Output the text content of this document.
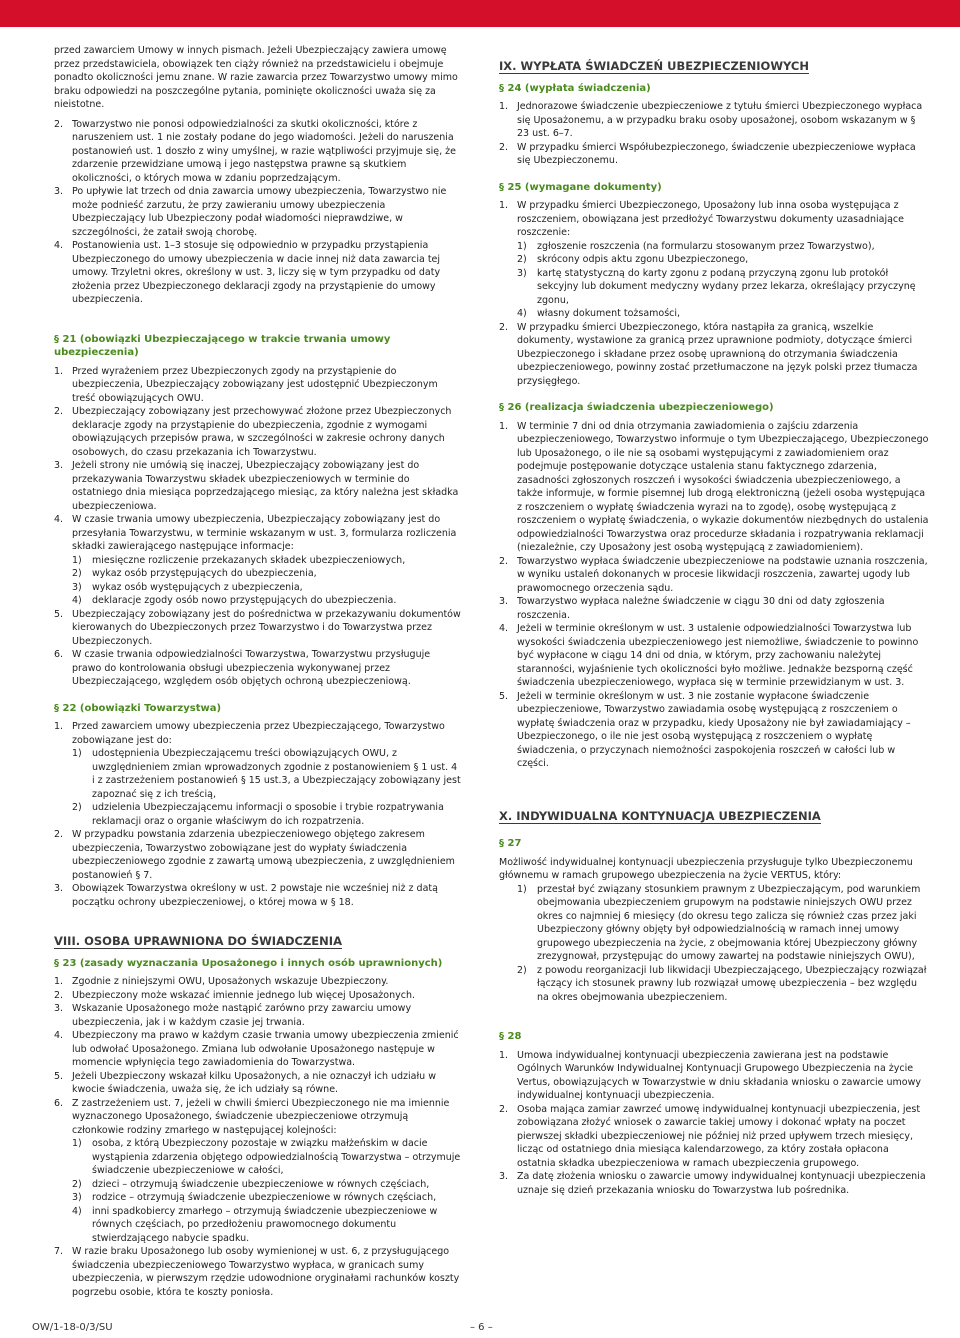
przed zawarciem Umowy w innych pismach. Jeżeli Ubezpieczający zawiera umowę przez przedstawiciela, obowiązek ten ciąży również na przedstawicielu i obejmuje ponadto okoliczności jemu znane. W razie zawarcia przez Towarzystwo umowy mimo braku odpowiedzi na poszczególne pytania, pominięte okoliczności uważa się za nieistotne.

2. Towarzystwo nie ponosi odpowiedzialności za skutki okoliczności, które z naruszeniem ust. 1 nie zostały podane do jego wiadomości. Jeżeli do naruszenia postanowień ust. 1 doszło z winy umyślnej, w razie wątpliwości przyjmuje się, że zdarzenie przewidziane umową i jego następstwa prawne są skutkiem okoliczności, o których mowa w zdaniu poprzedzającym.
3. Po upływie lat trzech od dnia zawarcia umowy ubezpieczenia, Towarzystwo nie może podnieść zarzutu, że przy zawieraniu umowy ubezpieczenia Ubezpieczający lub Ubezpieczony podał wiadomości nieprawdziwe, w szczególności, że zataił swoją chorobę.
4. Postanowienia ust. 1–3 stosuje się odpowiednio w przypadku przystąpienia Ubezpieczonego do umowy ubezpieczenia w dacie innej niż data zawarcia tej umowy. Trzyletni okres, określony w ust. 3, liczy się w tym przypadku od daty złożenia przez Ubezpieczonego deklaracji zgody na przystąpienie do umowy ubezpieczenia.

§ 21 (obowiązki Ubezpieczającego w trakcie trwania umowy ubezpieczenia)

1. Przed wyrażeniem przez Ubezpieczonych zgody na przystąpienie do ubezpieczenia, Ubezpieczający zobowiązany jest udostępnić Ubezpieczonym treść obowiązujących OWU.
2. Ubezpieczający zobowiązany jest przechowywać złożone przez Ubezpieczonych deklaracje zgody na przystąpienie do ubezpieczenia, zgodnie z wymogami obowiązujących przepisów prawa, w szczególności w zakresie ochrony danych osobowych, do czasu przekazania ich Towarzystwu.
3. Jeżeli strony nie umówią się inaczej, Ubezpieczający zobowiązany jest do przekazywania Towarzystwu składek ubezpieczeniowych w terminie do ostatniego dnia miesiąca poprzedzającego miesiąc, za który należna jest składka ubezpieczeniowa.
4. W czasie trwania umowy ubezpieczenia, Ubezpieczający zobowiązany jest do przesyłania Towarzystwu, w terminie wskazanym w ust. 3, formularza rozliczenia składki zawierającego następujące informacje:
1)	miesięczne rozliczenie przekazanych składek ubezpieczeniowych,
2)	wykaz osób przystępujących do ubezpieczenia,
3)	wykaz osób występujących z ubezpieczenia,
4)	deklaracje zgody osób nowo przystępujących do ubezpieczenia.
5. Ubezpieczający zobowiązany jest do pośrednictwa w przekazywaniu dokumentów kierowanych do Ubezpieczonych przez Towarzystwo i do Towarzystwa przez Ubezpieczonych.
6. W czasie trwania odpowiedzialności Towarzystwa, Towarzystwu przysługuje prawo do kontrolowania obsługi ubezpieczenia wykonywanej przez Ubezpieczającego, względem osób objętych ochroną ubezpieczeniową.

§ 22 (obowiązki Towarzystwa)

1. Przed zawarciem umowy ubezpieczenia przez Ubezpieczającego, Towarzystwo zobowiązane jest do:
1)	udostępnienia Ubezpieczającemu treści obowiązujących OWU, z uwzględnieniem zmian wprowadzonych zgodnie z postanowieniem § 1 ust. 4 i z zastrzeżeniem postanowień § 15 ust.3, a Ubezpieczający zobowiązany jest zapoznać się z ich treścią,
2)	udzielenia Ubezpieczającemu informacji o sposobie i trybie rozpatrywania reklamacji oraz o organie właściwym do ich rozpatrzenia.
2. W przypadku powstania zdarzenia ubezpieczeniowego objętego zakresem ubezpieczenia, Towarzystwo zobowiązane jest do wypłaty świadczenia ubezpieczeniowego zgodnie z zawartą umową ubezpieczenia, z uwzględnieniem postanowień § 7.
3. Obowiązek Towarzystwa określony w ust. 2 powstaje nie wcześniej niż z datą początku ochrony ubezpieczeniowej, o której mowa w § 18.

VIII. OSOBA UPRAWNIONA DO ŚWIADCZENIA

§ 23 (zasady wyznaczania Uposażonego i innych osób uprawnionych)

1. Zgodnie z niniejszymi OWU, Uposażonych wskazuje Ubezpieczony.
2. Ubezpieczony może wskazać imiennie jednego lub więcej Uposażonych.
3. Wskazanie Uposażonego może nastąpić zarówno przy zawarciu umowy ubezpieczenia, jak i w każdym czasie jej trwania.
4. Ubezpieczony ma prawo w każdym czasie trwania umowy ubezpieczenia zmienić lub odwołać Uposażonego. Zmiana lub odwołanie Uposażonego następuje w momencie wpłynięcia tego zawiadomienia do Towarzystwa.
5. Jeżeli Ubezpieczony wskazał kilku Uposażonych, a nie oznaczył ich udziału w kwocie świadczenia, uważa się, że ich udziały są równe.
6. Z zastrzeżeniem ust. 7, jeżeli w chwili śmierci Ubezpieczonego nie ma imiennie wyznaczonego Uposażonego, świadczenie ubezpieczeniowe otrzymują członkowie rodziny zmarłego w następującej kolejności:
1)	osoba, z którą Ubezpieczony pozostaje w związku małżeńskim w dacie wystąpienia zdarzenia objętego odpowiedzialnością Towarzystwa – otrzymuje świadczenie ubezpieczeniowe w całości,
2)	dzieci – otrzymują świadczenie ubezpieczeniowe w równych częściach,
3)	rodzice – otrzymują świadczenie ubezpieczeniowe w równych częściach,
4)	inni spadkobiercy zmarłego – otrzymują świadczenie ubezpieczeniowe w równych częściach, po przedłożeniu prawomocnego dokumentu stwierdzającego nabycie spadku.
7. W razie braku Uposażonego lub osoby wymienionej w ust. 6, z przysługującego świadczenia ubezpieczeniowego Towarzystwo wypłaca, w granicach sumy ubezpieczenia, w pierwszym rzędzie udowodnione oryginałami rachunków koszty pogrzebu osobie, która te koszty poniosła.

IX. WYPŁATA ŚWIADCZEŃ UBEZPIECZENIOWYCH

§ 24 (wypłata świadczenia)

1. Jednorazowe świadczenie ubezpieczeniowe z tytułu śmierci Ubezpieczonego wypłaca się Uposażonemu, a w przypadku braku osoby uposażonej, osobom wskazanym w § 23 ust. 6–7.
2. W przypadku śmierci Współubezpieczonego, świadczenie ubezpieczeniowe wypłaca się Ubezpieczonemu.

§ 25 (wymagane dokumenty)

1. W przypadku śmierci Ubezpieczonego, Uposażony lub inna osoba występująca z roszczeniem, obowiązana jest przedłożyć Towarzystwu dokumenty uzasadniające roszczenie:
1)	zgłoszenie roszczenia (na formularzu stosowanym przez Towarzystwo),
2)	skrócony odpis aktu zgonu Ubezpieczonego,
3)	kartę statystyczną do karty zgonu z podaną przyczyną zgonu lub protokół sekcyjny lub dokument medyczny wydany przez lekarza, określający przyczynę zgonu,
4)	własny dokument tożsamości,
2. W przypadku śmierci Ubezpieczonego, która nastąpiła za granicą, wszelkie dokumenty, wystawione za granicą przez uprawnione podmioty, dotyczące śmierci Ubezpieczonego i składane przez osobę uprawnioną do otrzymania świadczenia ubezpieczeniowego, powinny zostać przetłumaczone na język polski przez tłumacza przysięgłego.

§ 26 (realizacja świadczenia ubezpieczeniowego)

1. W terminie 7 dni od dnia otrzymania zawiadomienia o zajściu zdarzenia ubezpieczeniowego, Towarzystwo informuje o tym Ubezpieczającego, Ubezpieczonego lub Uposażonego, o ile nie są osobami występującymi z zawiadomieniem oraz podejmuje postępowanie dotyczące ustalenia stanu faktycznego zdarzenia, zasadności zgłoszonych roszczeń i wysokości świadczenia ubezpieczeniowego, a także informuje, w formie pisemnej lub drogą elektroniczną (jeżeli osoba występująca z roszczeniem o wypłatę świadczenia wyrazi na to zgodę), osobę występującą z roszczeniem o wypłatę świadczenia, o wykazie dokumentów niezbędnych do ustalenia odpowiedzialności Towarzystwa oraz procedurze składania i rozpatrywania reklamacji (niezależnie, czy Uposażony jest osobą występującą z zawiadomieniem).
2. Towarzystwo wypłaca świadczenie ubezpieczeniowe na podstawie uznania roszczenia, w wyniku ustaleń dokonanych w procesie likwidacji roszczenia, zawartej ugody lub prawomocnego orzeczenia sądu.
3. Towarzystwo wypłaca należne świadczenie w ciągu 30 dni od daty zgłoszenia roszczenia.
4. Jeżeli w terminie określonym w ust. 3 ustalenie odpowiedzialności Towarzystwa lub wysokości świadczenia ubezpieczeniowego jest niemożliwe, świadczenie to powinno być wypłacone w ciągu 14 dni od dnia, w którym, przy zachowaniu należytej staranności, wyjaśnienie tych okoliczności było możliwe. Jednakże bezsporną część świadczenia ubezpieczeniowego, wypłaca się w terminie przewidzianym w ust. 3.
5. Jeżeli w terminie określonym w ust. 3 nie zostanie wypłacone świadczenie ubezpieczeniowe, Towarzystwo zawiadamia osobę występującą z roszczeniem o wypłatę świadczenia oraz w przypadku, kiedy Uposażony nie był zawiadamiający – Ubezpieczonego, o ile nie jest osobą występującą z roszczeniem o wypłatę świadczenia, o przyczynach niemożności zaspokojenia roszczeń w całości lub w części.

X. INDYWIDUALNA KONTYNUACJA UBEZPIECZENIA

§ 27

Możliwość indywidualnej kontynuacji ubezpieczenia przysługuje tylko Ubezpieczonemu głównemu w ramach grupowego ubezpieczenia na życie VERTUS, który:

1)	przestał być związany stosunkiem prawnym z Ubezpieczającym, pod warunkiem obejmowania ubezpieczeniem grupowym na podstawie niniejszych OWU przez okres co najmniej 6 miesięcy (do okresu tego zalicza się również czas przez jaki Ubezpieczony główny objęty był odpowiedzialnością w ramach innej umowy grupowego ubezpieczenia na życie, z obejmowania której Ubezpieczony główny zrezygnował, przystępując do umowy zawartej na podstawie niniejszych OWU),
2)	z powodu reorganizacji lub likwidacji Ubezpieczającego, Ubezpieczający rozwiązał łączący ich stosunek prawny lub rozwiązał umowę ubezpieczenia – bez względu na okres obejmowania ubezpieczeniem.

§ 28

1. Umowa indywidualnej kontynuacji ubezpieczenia zawierana jest na podstawie Ogólnych Warunków Indywidualnej Kontynuacji Grupowego Ubezpieczenia na życie Vertus, obowiązujących w Towarzystwie w dniu składania wniosku o zawarcie umowy indywidualnej kontynuacji ubezpieczenia.
2. Osoba mająca zamiar zawrzeć umowę indywidualnej kontynuacji ubezpieczenia, jest zobowiązana złożyć wniosek o zawarcie takiej umowy i dokonać wpłaty na poczet pierwszej składki ubezpieczeniowej nie później niż przed upływem trzech miesięcy, licząc od ostatniego dnia miesiąca kalendarzowego, za który została opłacona ostatnia składka ubezpieczeniowa w ramach ubezpieczenia grupowego.
3. Za datę złożenia wniosku o zawarcie umowy indywidualnej kontynuacji ubezpieczenia uznaje się dzień przekazania wniosku do Towarzystwa lub pośrednika.
OW/1-18-0/3/SU	– 6 –
